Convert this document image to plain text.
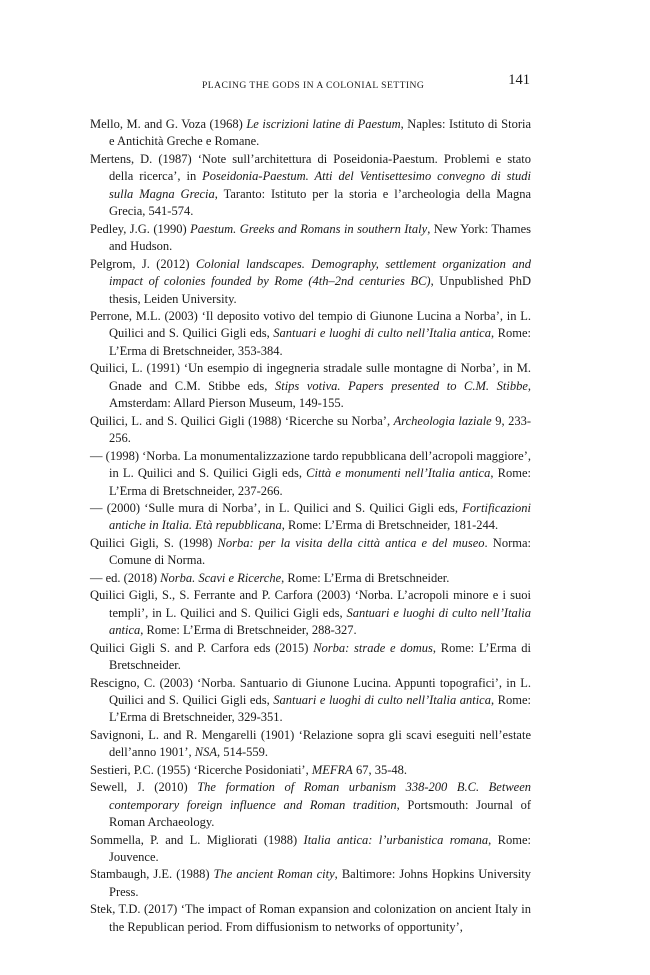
PLACING THE GODS IN A COLONIAL SETTING	141
Mello, M. and G. Voza (1968) Le iscrizioni latine di Paestum, Naples: Istituto di Storia e Antichità Greche e Romane.
Mertens, D. (1987) ‘Note sull’architettura di Poseidonia-Paestum. Problemi e stato della ricerca’, in Poseidonia-Paestum. Atti del Ventisettesimo convegno di studi sulla Magna Grecia, Taranto: Istituto per la storia e l’archeologia della Magna Grecia, 541-574.
Pedley, J.G. (1990) Paestum. Greeks and Romans in southern Italy, New York: Thames and Hudson.
Pelgrom, J. (2012) Colonial landscapes. Demography, settlement organization and impact of colonies founded by Rome (4th–2nd centuries BC), Unpublished PhD thesis, Leiden University.
Perrone, M.L. (2003) ‘Il deposito votivo del tempio di Giunone Lucina a Norba’, in L. Quilici and S. Quilici Gigli eds, Santuari e luoghi di culto nell’Italia antica, Rome: L’Erma di Bretschneider, 353-384.
Quilici, L. (1991) ‘Un esempio di ingegneria stradale sulle montagne di Norba’, in M. Gnade and C.M. Stibbe eds, Stips votiva. Papers presented to C.M. Stibbe, Amsterdam: Allard Pierson Museum, 149-155.
Quilici, L. and S. Quilici Gigli (1988) ‘Ricerche su Norba’, Archeologia laziale 9, 233-256.
— (1998) ‘Norba. La monumentalizzazione tardo repubblicana dell’acropoli maggiore’, in L. Quilici and S. Quilici Gigli eds, Città e monumenti nell’Italia antica, Rome: L’Erma di Bretschneider, 237-266.
— (2000) ‘Sulle mura di Norba’, in L. Quilici and S. Quilici Gigli eds, Fortificazioni antiche in Italia. Età repubblicana, Rome: L’Erma di Bretschneider, 181-244.
Quilici Gigli, S. (1998) Norba: per la visita della città antica e del museo. Norma: Comune di Norma.
— ed. (2018) Norba. Scavi e Ricerche, Rome: L’Erma di Bretschneider.
Quilici Gigli, S., S. Ferrante and P. Carfora (2003) ‘Norba. L’acropoli minore e i suoi templi’, in L. Quilici and S. Quilici Gigli eds, Santuari e luoghi di culto nell’Italia antica, Rome: L’Erma di Bretschneider, 288-327.
Quilici Gigli S. and P. Carfora eds (2015) Norba: strade e domus, Rome: L’Erma di Bretschneider.
Rescigno, C. (2003) ‘Norba. Santuario di Giunone Lucina. Appunti topografici’, in L. Quilici and S. Quilici Gigli eds, Santuari e luoghi di culto nell’Italia antica, Rome: L’Erma di Bretschneider, 329-351.
Savignoni, L. and R. Mengarelli (1901) ‘Relazione sopra gli scavi eseguiti nell’estate dell’anno 1901’, NSA, 514-559.
Sestieri, P.C. (1955) ‘Ricerche Posidoniati’, MEFRA 67, 35-48.
Sewell, J. (2010) The formation of Roman urbanism 338-200 B.C. Between contemporary foreign influence and Roman tradition, Portsmouth: Journal of Roman Archaeology.
Sommella, P. and L. Migliorati (1988) Italia antica: l’urbanistica romana, Rome: Jouvence.
Stambaugh, J.E. (1988) The ancient Roman city, Baltimore: Johns Hopkins University Press.
Stek, T.D. (2017) ‘The impact of Roman expansion and colonization on ancient Italy in the Republican period. From diffusionism to networks of opportunity’,
